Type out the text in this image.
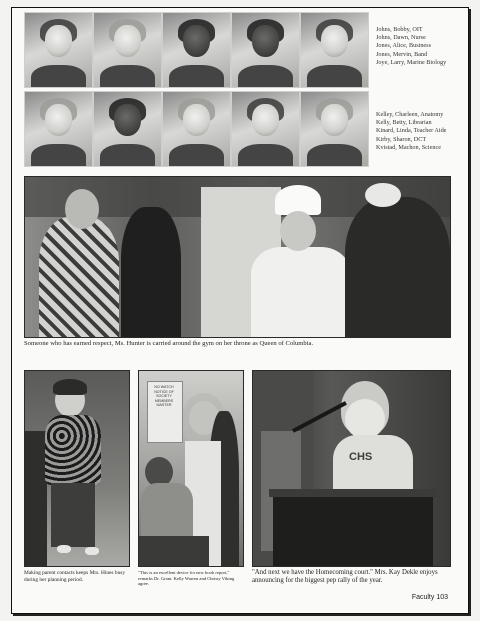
Johns, Bobby, OIT
Johns, Dawn, Nurse
Jones, Alice, Business
Jones, Mervin, Band
Joye, Larry, Marine Biology
Kelley, Charleen, Anatomy
Kelly, Betty, Librarian
Kinard, Linda, Teacher Aide
Kirby, Sharon, DCT
Kvistad, Machon, Science
Someone who has earned respect, Ms. Hunter is carried around the gym on her throne as Queen of Columbia.
Making parent contacts keeps Mrs. Hines busy during her planning period.
NO WATCH NOTICE OF SOCIETY MEMBERS MASTER
"This is an excellent device for new book report," remarks Dr. Grant. Kelly Warren and Christy Viking agree.
CHS
"And next we have the Homecoming court." Mrs. Kay Dekle enjoys announcing for the biggest pep rally of the year.
Faculty 103
